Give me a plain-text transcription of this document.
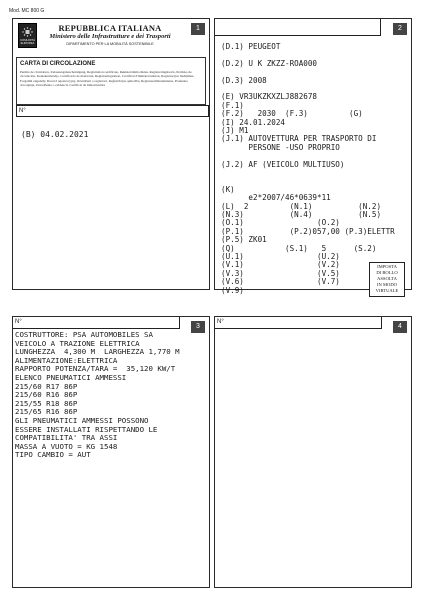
Mod. MC 800 G
COMUNITÀ EUROPEA
REPUBBLICA ITALIANA
Ministero delle Infrastrutture e dei Trasporti
DIPARTIMENTO PER LA MOBILITÀ SOSTENIBILE
1
CARTA DI CIRCOLAZIONE
Permis de circulation, Zulassungsbescheinigung, Registration certificate, Rekisteröintitodistus, Registreringsbevis, Permiso de circulación, Kentekenbewijs, Certificado de matrícula, Registreringsattest, Certificat d'immatriculation, Registracijos liudijimas, Forgalmi engedély, Dowód rejestracyjny, Osvědčení o registraci, Reģistrācijas apliecība, Registreerimistunnistus, Prometno dovoljenje, Osvedčenie o evidencii, Certificat de înmatriculare
N°
(B) 04.02.2021
2
(D.1) PEUGEOT
(D.2) U K ZKZZ-ROA000
(D.3) 2008
(E) VR3UKZKXZLJ882678
(F.1)
(F.2)   2030  (F.3)         (G)
(I) 24.01.2024
(J) M1
(J.1) AUTOVETTURA PER TRASPORTO DI
PERSONE -USO PROPRIO
(J.2) AF (VEICOLO MULTIUSO)
(K)
e2*2007/46*0639*11
(L)  2         (N.1)          (N.2)
(N.3)          (N.4)          (N.5)
(O.1)                (O.2)
(P.1)          (P.2)057,00 (P.3)ELETTR
(P.5) ZK01
(Q)           (S.1)   5      (S.2)
(U.1)                (U.2)
(V.1)                (V.2)
(V.3)                (V.5)
(V.6)                (V.7)
(V.9)
IMPOSTA
DI BOLLO
ASSOLTA
IN MODO
VIRTUALE
N°
3
COSTRUTTORE: PSA AUTOMOBILES SA
VEICOLO A TRAZIONE ELETTRICA
LUNGHEZZA  4,300 M  LARGHEZZA 1,770 M
ALIMENTAZIONE:ELETTRICA
RAPPORTO POTENZA/TARA =  35,120 KW/T
ELENCO PNEUMATICI AMMESSI
215/60 R17 86P
215/60 R16 86P
215/55 R18 86P
215/65 R16 86P
GLI PNEUMATICI AMMESSI POSSONO
ESSERE INSTALLATI RISPETTANDO LE
COMPATIBILITA' TRA ASSI
MASSA A VUOTO = KG 1548
TIPO CAMBIO = AUT
N°
4
